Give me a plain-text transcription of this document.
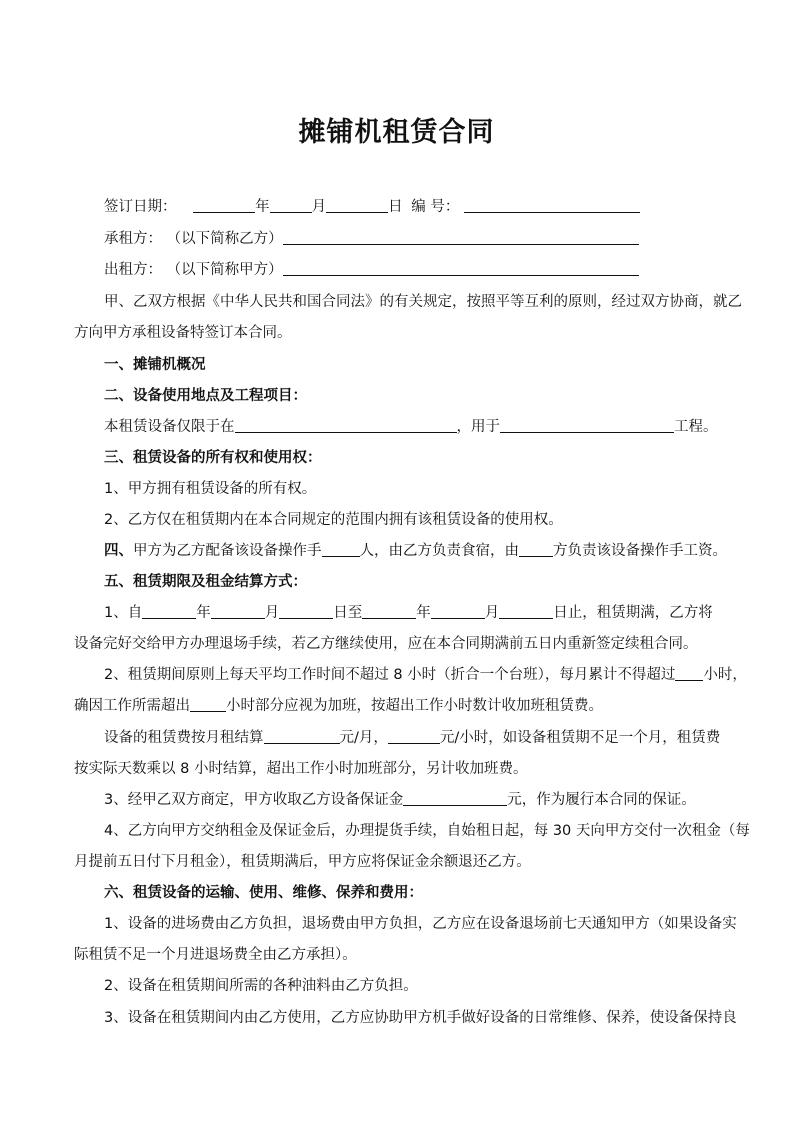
摊铺机租赁合同
签订日期：	年	月	日 编 号：
承租方： （以下简称乙方）
出租方： （以下简称甲方）
甲、乙双方根据《中华人民共和国合同法》的有关规定，按照平等互利的原则，经过双方协商，就乙
方向甲方承租设备特签订本合同。
一、摊铺机概况
二、设备使用地点及工程项目：
本租赁设备仅限于在	，用于	工程。
三、租赁设备的所有权和使用权：
1、甲方拥有租赁设备的所有权。
2、乙方仅在租赁期内在本合同规定的范围内拥有该租赁设备的使用权。
四、甲方为乙方配备该设备操作手	人，由乙方负责食宿，由 方负责该设备操作手工资。
五、租赁期限及租金结算方式：
1、自	年	月	日至	年	月	日止，租赁期满，乙方将
设备完好交给甲方办理退场手续，若乙方继续使用，应在本合同期满前五日内重新签定续租合同。
2、租赁期间原则上每天平均工作时间不超过 8 小时（折合一个台班），每月累计不得超过 小时，
确因工作所需超出 小时部分应视为加班，按超出工作小时数计收加班租赁费。
设备的租赁费按月租结算	元/月，	元/小时，如设备租赁期不足一个月，租赁费
按实际天数乘以 8 小时结算，超出工作小时加班部分，另计收加班费。
3、经甲乙双方商定，甲方收取乙方设备保证金	元，作为履行本合同的保证。
4、乙方向甲方交纳租金及保证金后，办理提货手续，自始租日起，每 30 天向甲方交付一次租金（每
月提前五日付下月租金），租赁期满后，甲方应将保证金余额退还乙方。
六、租赁设备的运输、使用、维修、保养和费用：
1、设备的进场费由乙方负担，退场费由甲方负担，乙方应在设备退场前七天通知甲方（如果设备实
际租赁不足一个月进退场费全由乙方承担）。
2、设备在租赁期间所需的各种油料由乙方负担。
3、设备在租赁期间内由乙方使用，乙方应协助甲方机手做好设备的日常维修、保养，使设备保持良
